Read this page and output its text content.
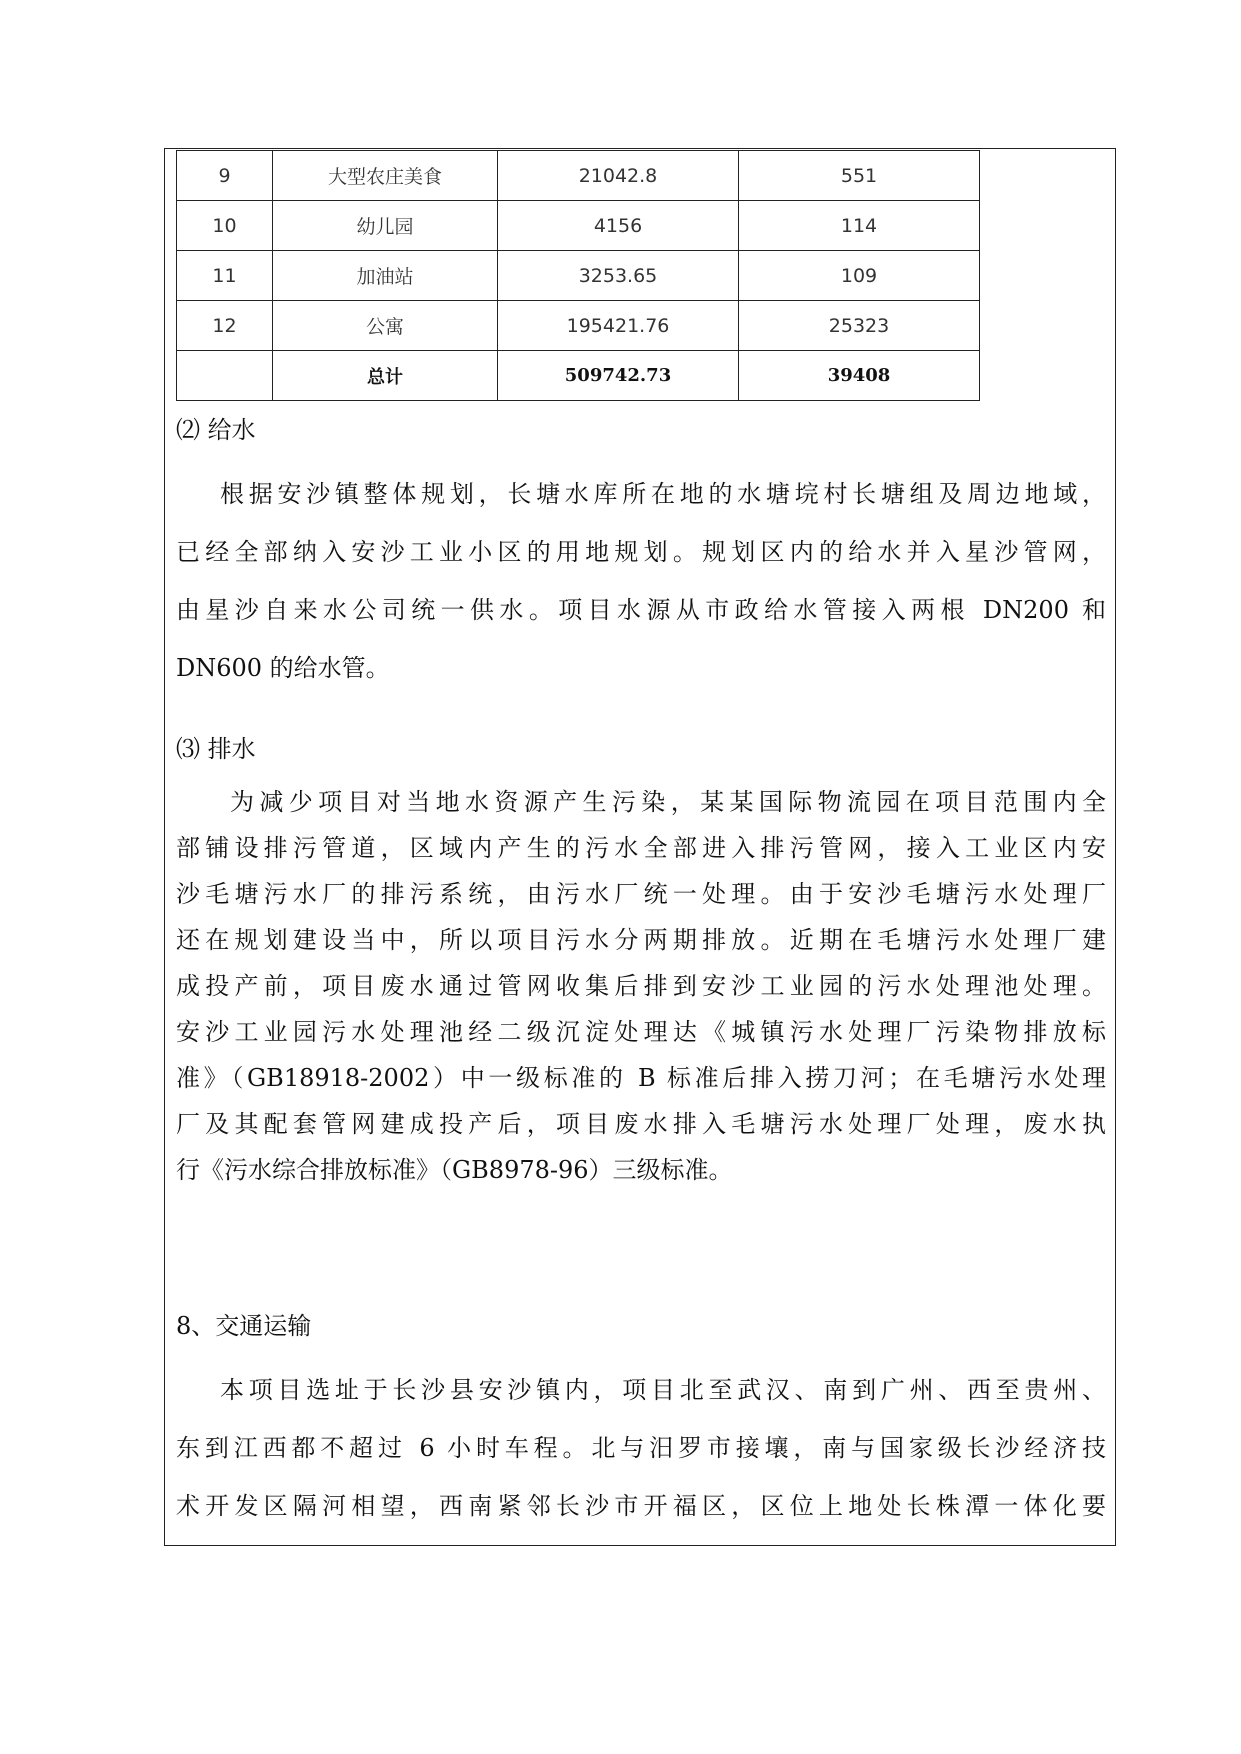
9	大型农庄美食	21042.8	551
10	幼儿园	4156	114
11	加油站	3253.65	109
12	公寓	195421.76	25323
	总计	509742.73	39408
⑵ 给水
根据安沙镇整体规划，长塘水库所在地的水塘垸村长塘组及周边地域，
已经全部纳入安沙工业小区的用地规划。规划区内的给水并入星沙管网，
由星沙自来水公司统一供水。项目水源从市政给水管接入两根 DN200 和
DN600 的给水管。
⑶ 排水
为减少项目对当地水资源产生污染，某某国际物流园在项目范围内全
部铺设排污管道，区域内产生的污水全部进入排污管网，接入工业区内安
沙毛塘污水厂的排污系统，由污水厂统一处理。由于安沙毛塘污水处理厂
还在规划建设当中，所以项目污水分两期排放。近期在毛塘污水处理厂建
成投产前，项目废水通过管网收集后排到安沙工业园的污水处理池处理。
安沙工业园污水处理池经二级沉淀处理达《城镇污水处理厂污染物排放标
准》（GB18918-2002）中一级标准的 B 标准后排入捞刀河；在毛塘污水处理
厂及其配套管网建成投产后，项目废水排入毛塘污水处理厂处理，废水执
行《污水综合排放标准》（GB8978-96）三级标准。
8、交通运输
本项目选址于长沙县安沙镇内，项目北至武汉、南到广州、西至贵州、
东到江西都不超过 6 小时车程。北与汨罗市接壤，南与国家级长沙经济技
术开发区隔河相望，西南紧邻长沙市开福区，区位上地处长株潭一体化要
